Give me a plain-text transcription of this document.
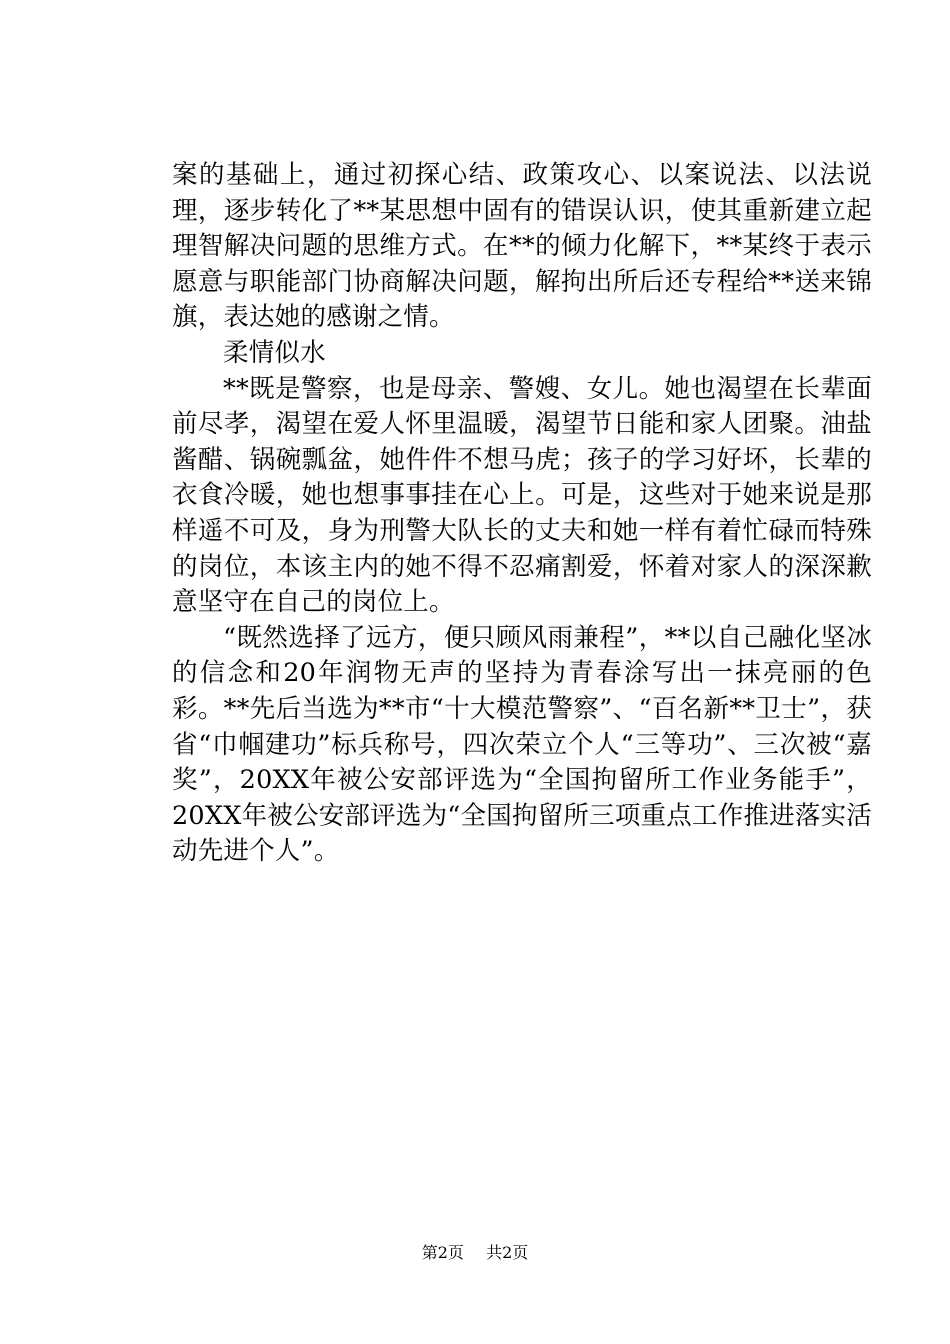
案的基础上，通过初探心结、政策攻心、以案说法、以法说理，逐步转化了**某思想中固有的错误认识，使其重新建立起理智解决问题的思维方式。在**的倾力化解下，**某终于表示愿意与职能部门协商解决问题，解拘出所后还专程给**送来锦旗，表达她的感谢之情。

柔情似水

**既是警察，也是母亲、警嫂、女儿。她也渴望在长辈面前尽孝，渴望在爱人怀里温暖，渴望节日能和家人团聚。油盐酱醋、锅碗瓢盆，她件件不想马虎；孩子的学习好坏，长辈的衣食冷暖，她也想事事挂在心上。可是，这些对于她来说是那样遥不可及，身为刑警大队长的丈夫和她一样有着忙碌而特殊的岗位，本该主内的她不得不忍痛割爱，怀着对家人的深深歉意坚守在自己的岗位上。

“既然选择了远方，便只顾风雨兼程”，**以自己融化坚冰的信念和20年润物无声的坚持为青春涂写出一抹亮丽的色彩。**先后当选为**市“十大模范警察”、“百名新**卫士”，获省“巾帼建功”标兵称号，四次荣立个人“三等功”、三次被“嘉奖”，20XX年被公安部评选为“全国拘留所工作业务能手”，20XX年被公安部评选为“全国拘留所三项重点工作推进落实活动先进个人”。

第2页 共2页
